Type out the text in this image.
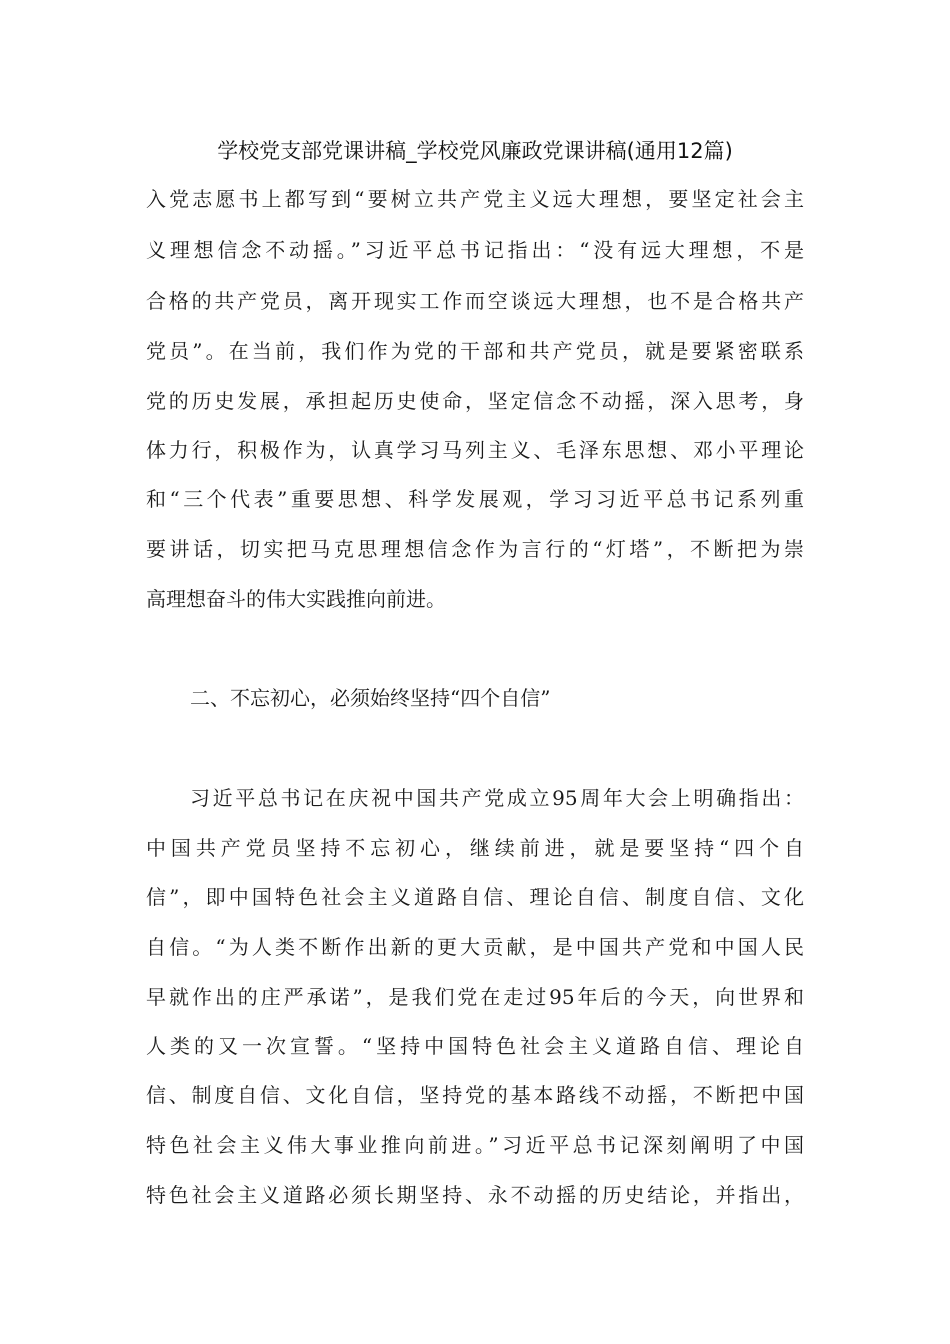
学校党支部党课讲稿_学校党风廉政党课讲稿(通用12篇)
入党志愿书上都写到“要树立共产党主义远大理想，要坚定社会主
义理想信念不动摇。”习近平总书记指出：“没有远大理想，不是
合格的共产党员，离开现实工作而空谈远大理想，也不是合格共产
党员”。在当前，我们作为党的干部和共产党员，就是要紧密联系
党的历史发展，承担起历史使命，坚定信念不动摇，深入思考，身
体力行，积极作为，认真学习马列主义、毛泽东思想、邓小平理论
和“三个代表”重要思想、科学发展观，学习习近平总书记系列重
要讲话，切实把马克思理想信念作为言行的“灯塔”，不断把为崇
高理想奋斗的伟大实践推向前进。
二、不忘初心，必须始终坚持“四个自信”
习近平总书记在庆祝中国共产党成立95周年大会上明确指出：
中国共产党员坚持不忘初心，继续前进，就是要坚持“四个自
信”，即中国特色社会主义道路自信、理论自信、制度自信、文化
自信。“为人类不断作出新的更大贡献，是中国共产党和中国人民
早就作出的庄严承诺”，是我们党在走过95年后的今天，向世界和
人类的又一次宣誓。“坚持中国特色社会主义道路自信、理论自
信、制度自信、文化自信，坚持党的基本路线不动摇，不断把中国
特色社会主义伟大事业推向前进。”习近平总书记深刻阐明了中国
特色社会主义道路必须长期坚持、永不动摇的历史结论，并指出，
